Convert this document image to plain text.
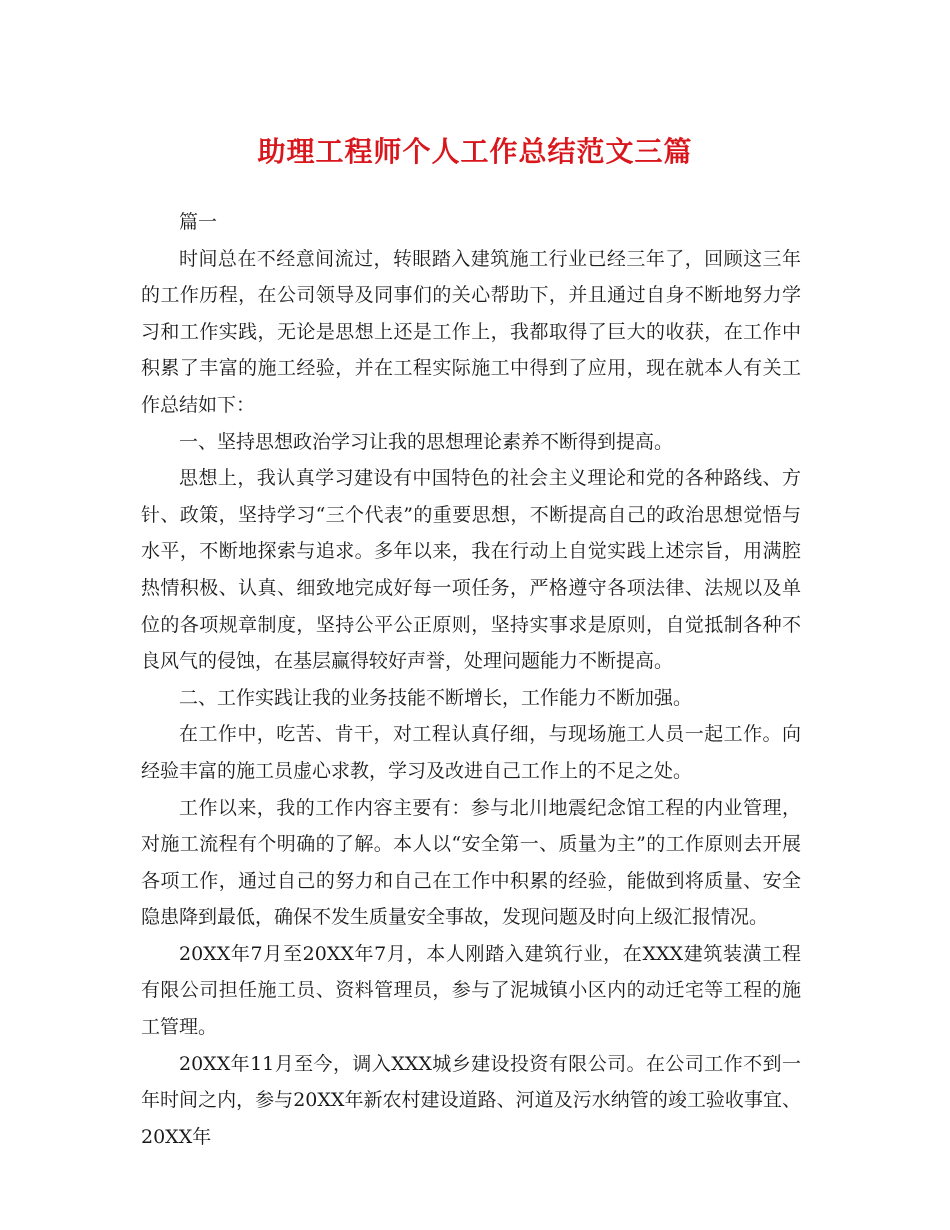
助理工程师个人工作总结范文三篇

篇一

时间总在不经意间流过，转眼踏入建筑施工行业已经三年了，回顾这三年的工作历程，在公司领导及同事们的关心帮助下，并且通过自身不断地努力学习和工作实践，无论是思想上还是工作上，我都取得了巨大的收获，在工作中积累了丰富的施工经验，并在工程实际施工中得到了应用，现在就本人有关工作总结如下：

一、坚持思想政治学习让我的思想理论素养不断得到提高。

思想上，我认真学习建设有中国特色的社会主义理论和党的各种路线、方针、政策，坚持学习“三个代表”的重要思想，不断提高自己的政治思想觉悟与水平，不断地探索与追求。多年以来，我在行动上自觉实践上述宗旨，用满腔热情积极、认真、细致地完成好每一项任务，严格遵守各项法律、法规以及单位的各项规章制度，坚持公平公正原则，坚持实事求是原则，自觉抵制各种不良风气的侵蚀，在基层赢得较好声誉，处理问题能力不断提高。

二、工作实践让我的业务技能不断增长，工作能力不断加强。

在工作中，吃苦、肯干，对工程认真仔细，与现场施工人员一起工作。向经验丰富的施工员虚心求教，学习及改进自己工作上的不足之处。

工作以来，我的工作内容主要有：参与北川地震纪念馆工程的内业管理，对施工流程有个明确的了解。本人以“安全第一、质量为主”的工作原则去开展各项工作，通过自己的努力和自己在工作中积累的经验，能做到将质量、安全隐患降到最低，确保不发生质量安全事故，发现问题及时向上级汇报情况。

20XX年7月至20XX年7月，本人刚踏入建筑行业，在XXX建筑装潢工程有限公司担任施工员、资料管理员，参与了泥城镇小区内的动迁宅等工程的施工管理。

20XX年11月至今，调入XXX城乡建设投资有限公司。在公司工作不到一年时间之内，参与20XX年新农村建设道路、河道及污水纳管的竣工验收事宜、20XX年
